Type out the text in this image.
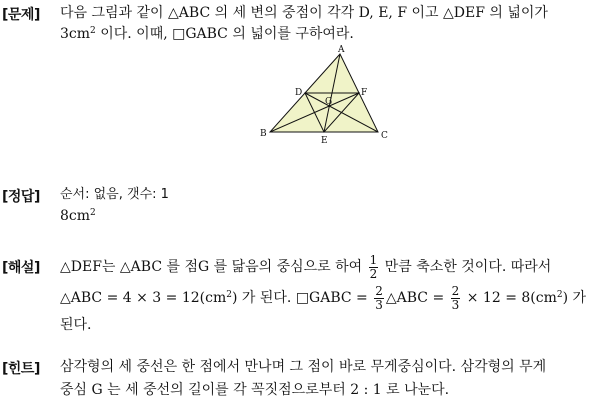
[문제] 다음 그림과 같이 △ABC 의 세 변의 중점이 각각 D, E, F 이고 △DEF 의 넓이가
$3cm^2$ 이다. 이때, □GABC 의 넓이를 구하여라.
A
B	C
D
E
F
G
[정답] 순서: 없음, 갯수: 1
$8cm^2$
[해설] △DEF는 △ABC 를 점G 를 닮음의 중심으로 하여 $\frac{1}{2}$ 만큼 축소한 것이다. 따라서
△ABC = $4 \times 3 = 12(cm^2)$ 가 된다. □GABC = $\frac{2}{3}$ △ABC = $\frac{2}{3} \times 12 = 8(cm^2)$ 가
된다.
[힌트] 삼각형의 세 중선은 한 점에서 만나며 그 점이 바로 무게중심이다. 삼각형의 무게
중심 G 는 세 중선의 길이를 각 꼭짓점으로부터 2 : 1 로 나눈다.
